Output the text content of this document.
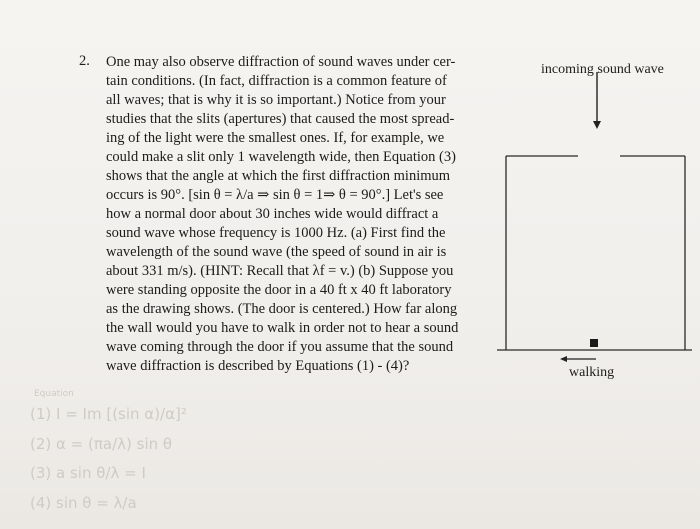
2. One may also observe diffraction of sound waves under cer-
tain conditions. (In fact, diffraction is a common feature of
all waves; that is why it is so important.) Notice from your
studies that the slits (apertures) that caused the most spread-
ing of the light were the smallest ones. If, for example, we
could make a slit only 1 wavelength wide, then Equation (3)
shows that the angle at which the first diffraction minimum
occurs is 90°. [sin θ = λ/a ⇒ sin θ = 1⇒ θ = 90°.] Let's see
how a normal door about 30 inches wide would diffract a
sound wave whose frequency is 1000 Hz. (a) First find the
wavelength of the sound wave (the speed of sound in air is
about 331 m/s). (HINT: Recall that λf = v.) (b) Suppose you
were standing opposite the door in a 40 ft x 40 ft laboratory
as the drawing shows. (The door is centered.) How far along
the wall would you have to walk in order not to hear a sound
wave coming through the door if you assume that the sound
wave diffraction is described by Equations (1) - (4)?
incoming sound wave
walking
Equation
(1) I = Im [(sin α)/α]²
(2) α = (πa/λ) sin θ
(3) a sin θ/λ = I
(4) sin θ = λ/a
